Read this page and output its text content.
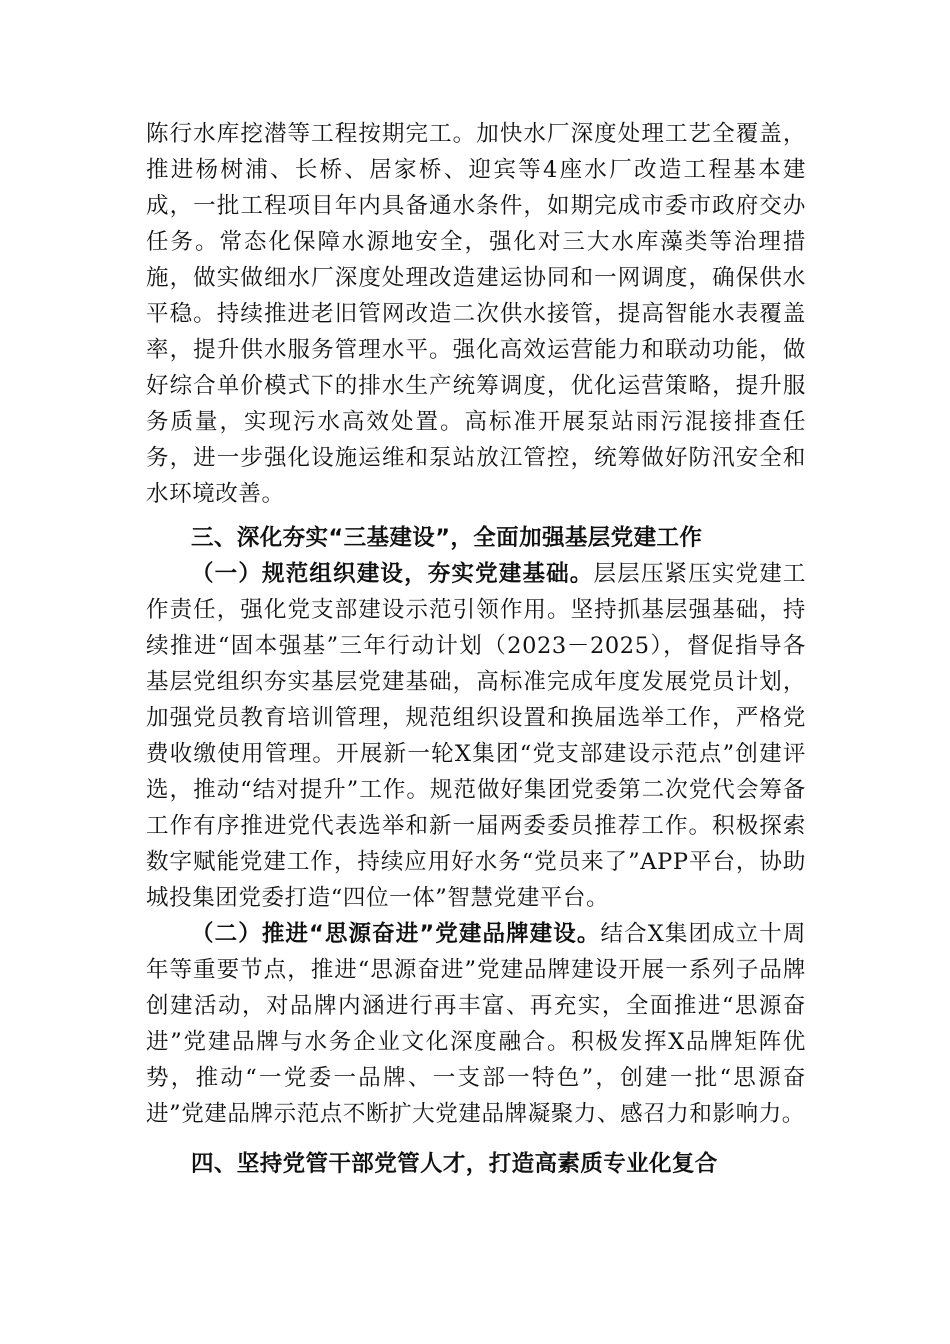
陈行水库挖潜等工程按期完工。加快水厂深度处理工艺全覆盖，推进杨树浦、长桥、居家桥、迎宾等4座水厂改造工程基本建成，一批工程项目年内具备通水条件，如期完成市委市政府交办任务。常态化保障水源地安全，强化对三大水库藻类等治理措施，做实做细水厂深度处理改造建运协同和一网调度，确保供水平稳。持续推进老旧管网改造二次供水接管，提高智能水表覆盖率，提升供水服务管理水平。强化高效运营能力和联动功能，做好综合单价模式下的排水生产统筹调度，优化运营策略，提升服务质量，实现污水高效处置。高标准开展泵站雨污混接排查任务，进一步强化设施运维和泵站放江管控，统筹做好防汛安全和水环境改善。

三、深化夯实“三基建设”，全面加强基层党建工作

（一）规范组织建设，夯实党建基础。层层压紧压实党建工作责任，强化党支部建设示范引领作用。坚持抓基层强基础，持续推进“固本强基”三年行动计划（2023－2025），督促指导各基层党组织夯实基层党建基础，高标准完成年度发展党员计划，加强党员教育培训管理，规范组织设置和换届选举工作，严格党费收缴使用管理。开展新一轮X集团“党支部建设示范点”创建评选，推动“结对提升”工作。规范做好集团党委第二次党代会筹备工作有序推进党代表选举和新一届两委委员推荐工作。积极探索数字赋能党建工作，持续应用好水务“党员来了”APP平台，协助城投集团党委打造“四位一体”智慧党建平台。

（二）推进“思源奋进”党建品牌建设。结合X集团成立十周年等重要节点，推进“思源奋进”党建品牌建设开展一系列子品牌创建活动，对品牌内涵进行再丰富、再充实，全面推进“思源奋进”党建品牌与水务企业文化深度融合。积极发挥X品牌矩阵优势，推动“一党委一品牌、一支部一特色”，创建一批“思源奋进”党建品牌示范点不断扩大党建品牌凝聚力、感召力和影响力。

四、坚持党管干部党管人才，打造高素质专业化复合
